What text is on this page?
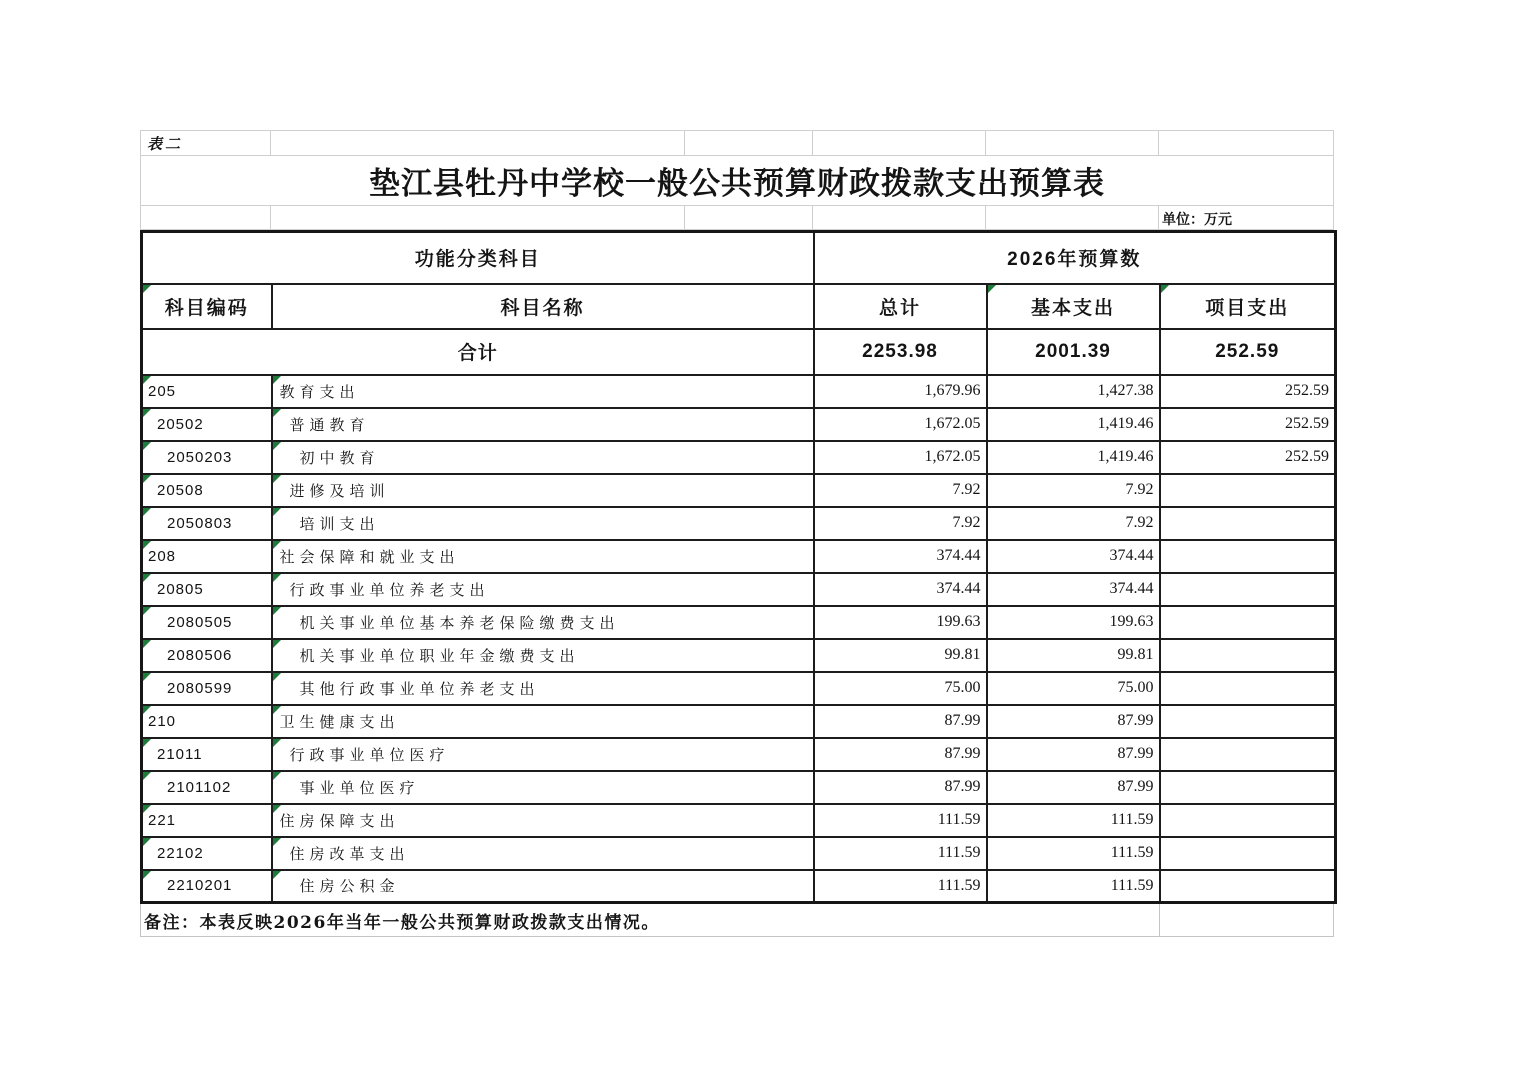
表二
垫江县牡丹中学校一般公共预算财政拨款支出预算表
单位：万元
功能分类科目		2026年预算数		

科目编码	科目名称	总计	基本支出	项目支出
合计		2253.98	2001.39	252.59

205	教育支出	1,679.96	1,427.38	252.59

20502	普通教育	1,672.05	1,419.46	252.59

2050203	初中教育	1,672.05	1,419.46	252.59

20508	进修及培训	7.92	7.92	

2050803	培训支出	7.92	7.92	

208	社会保障和就业支出	374.44	374.44	

20805	行政事业单位养老支出	374.44	374.44	

2080505	机关事业单位基本养老保险缴费支出	199.63	199.63	

2080506	机关事业单位职业年金缴费支出	99.81	99.81	

2080599	其他行政事业单位养老支出	75.00	75.00	

210	卫生健康支出	87.99	87.99	

21011	行政事业单位医疗	87.99	87.99	

2101102	事业单位医疗	87.99	87.99	

221	住房保障支出	111.59	111.59	

22102	住房改革支出	111.59	111.59	

2210201	住房公积金	111.59	111.59	
备注：本表反映2026年当年一般公共预算财政拨款支出情况。
